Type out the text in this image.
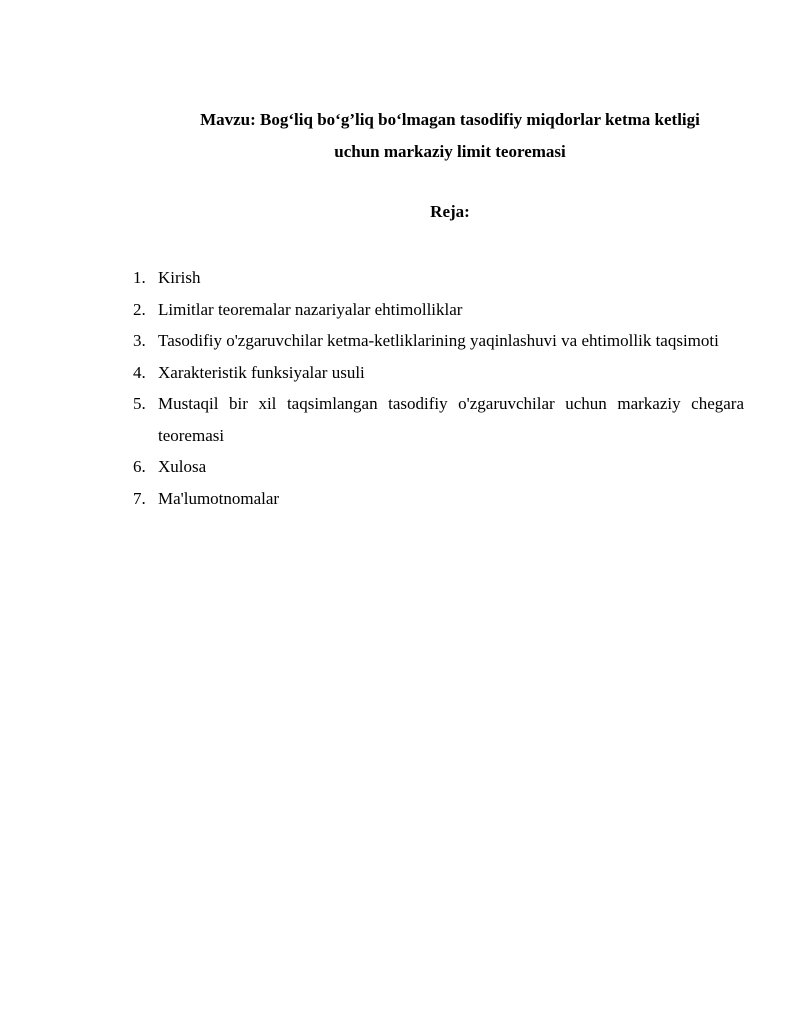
Mavzu: Bog‘liq bo‘g’liq bo‘lmagan tasodifiy miqdorlar ketma ketligi
uchun markaziy limit teoremasi
Reja:
1. Kirish
2. Limitlar teoremalar nazariyalar ehtimolliklar
3. Tasodifiy o'zgaruvchilar ketma-ketliklarining yaqinlashuvi va ehtimollik taqsimoti
4. Xarakteristik funksiyalar usuli
5. Mustaqil bir xil taqsimlangan tasodifiy o'zgaruvchilar uchun markaziy chegara teoremasi
6. Xulosa
7. Ma'lumotnomalar
